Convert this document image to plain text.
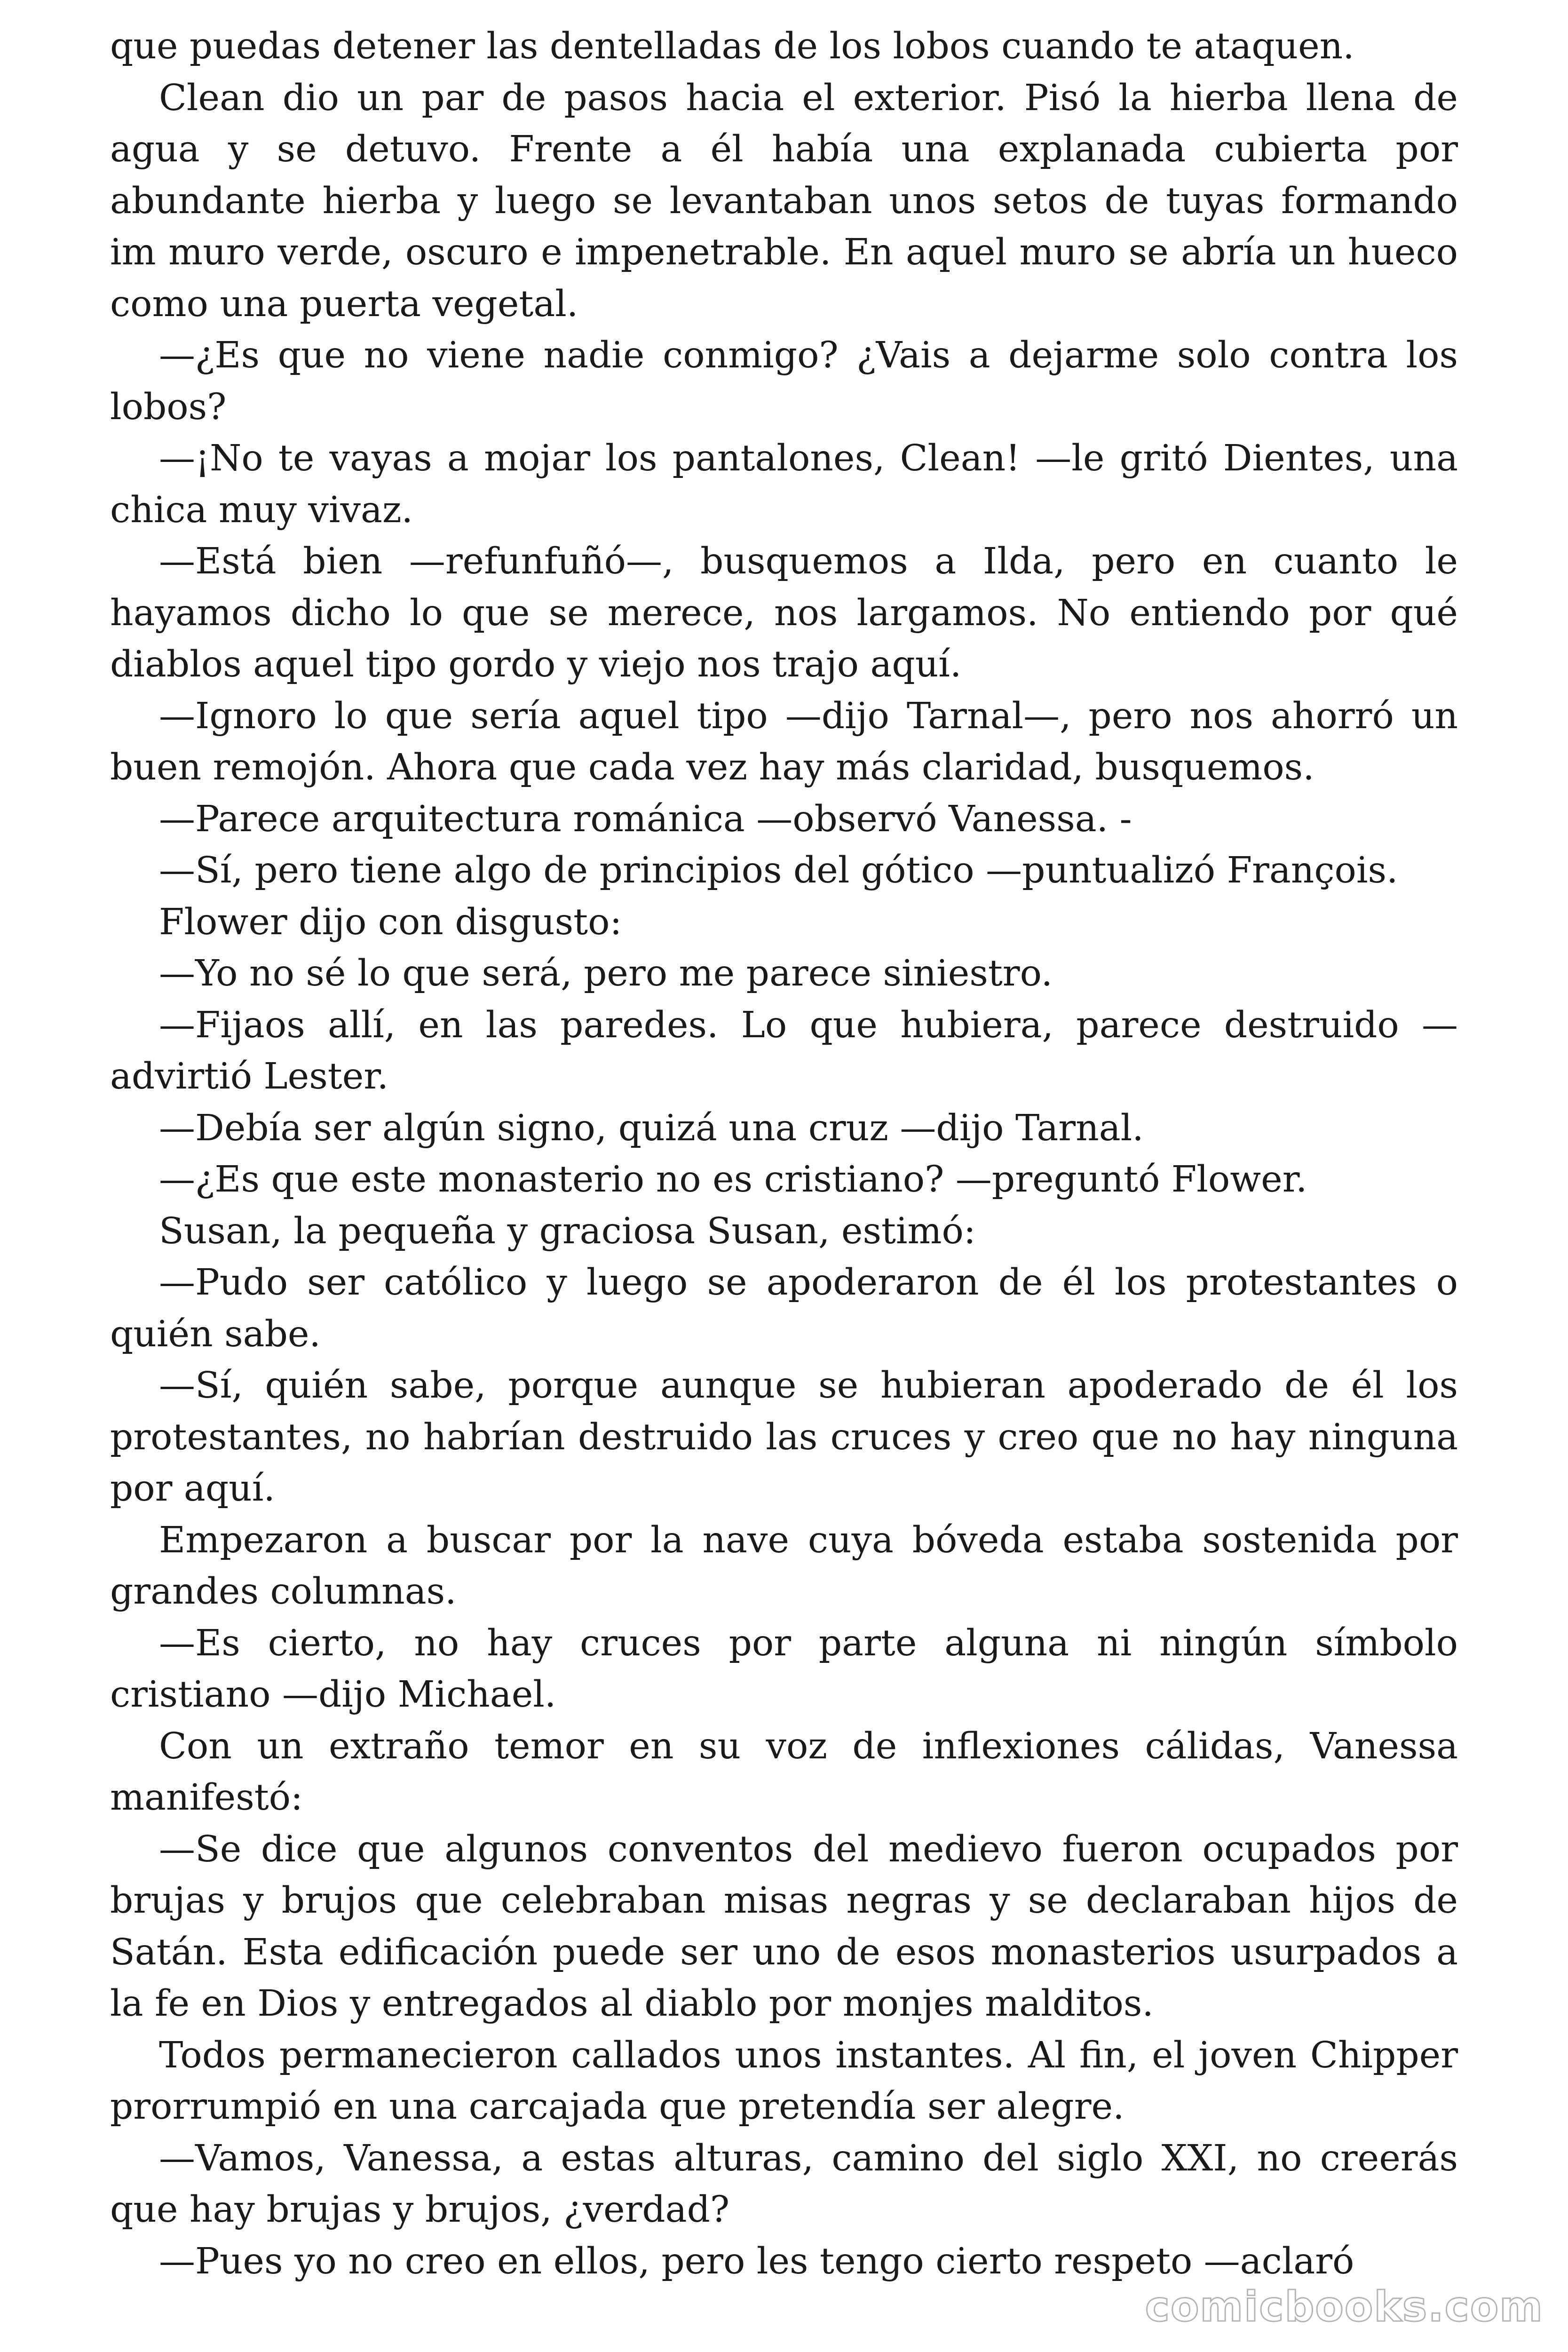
que puedas detener las dentelladas de los lobos cuando te ataquen.

Clean dio un par de pasos hacia el exterior. Pisó la hierba llena de agua y se detuvo. Frente a él había una explanada cubierta por abundante hierba y luego se levantaban unos setos de tuyas formando im muro verde, oscuro e impenetrable. En aquel muro se abría un hueco como una puerta vegetal.

—¿Es que no viene nadie conmigo? ¿Vais a dejarme solo contra los lobos?

—¡No te vayas a mojar los pantalones, Clean! —le gritó Dientes, una chica muy vivaz.

—Está bien —refunfuñó—, busquemos a Ilda, pero en cuanto le hayamos dicho lo que se merece, nos largamos. No entiendo por qué diablos aquel tipo gordo y viejo nos trajo aquí.

—Ignoro lo que sería aquel tipo —dijo Tarnal—, pero nos ahorró un buen remojón. Ahora que cada vez hay más claridad, busquemos.

—Parece arquitectura románica —observó Vanessa. -

—Sí, pero tiene algo de principios del gótico —puntualizó François.

Flower dijo con disgusto:

—Yo no sé lo que será, pero me parece siniestro.

—Fijaos allí, en las paredes. Lo que hubiera, parece destruido —advirtió Lester.

—Debía ser algún signo, quizá una cruz —dijo Tarnal.

—¿Es que este monasterio no es cristiano? —preguntó Flower.

Susan, la pequeña y graciosa Susan, estimó:

—Pudo ser católico y luego se apoderaron de él los protestantes o quién sabe.

—Sí, quién sabe, porque aunque se hubieran apoderado de él los protestantes, no habrían destruido las cruces y creo que no hay ninguna por aquí.

Empezaron a buscar por la nave cuya bóveda estaba sostenida por grandes columnas.

—Es cierto, no hay cruces por parte alguna ni ningún símbolo cristiano —dijo Michael.

Con un extraño temor en su voz de inflexiones cálidas, Vanessa manifestó:

—Se dice que algunos conventos del medievo fueron ocupados por brujas y brujos que celebraban misas negras y se declaraban hijos de Satán. Esta edificación puede ser uno de esos monasterios usurpados a la fe en Dios y entregados al diablo por monjes malditos.

Todos permanecieron callados unos instantes. Al fin, el joven Chipper prorrumpió en una carcajada que pretendía ser alegre.

—Vamos, Vanessa, a estas alturas, camino del siglo XXI, no creerás que hay brujas y brujos, ¿verdad?

—Pues yo no creo en ellos, pero les tengo cierto respeto —aclaró

comicbooks.com
